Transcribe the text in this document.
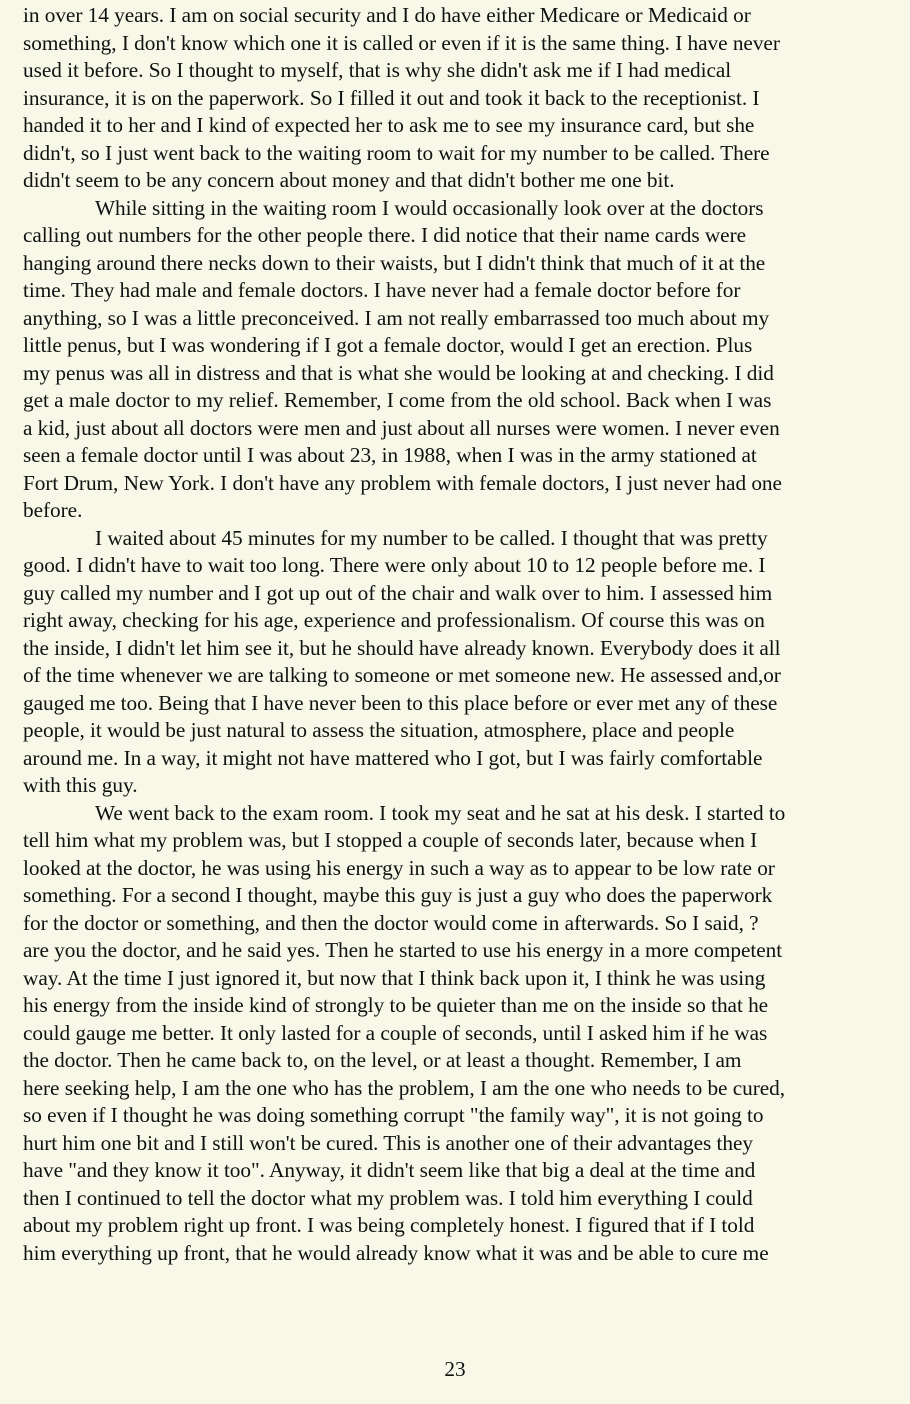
in over 14 years. I am on social security and I do have either Medicare or Medicaid or
something, I don't know which one it is called or even if it is the same thing. I have never
used it before. So I thought to myself, that is why she didn't ask me if I had medical
insurance, it is on the paperwork. So I filled it out and took it back to the receptionist. I
handed it to her and I kind of expected her to ask me to see my insurance card, but she
didn't, so I just went back to the waiting room to wait for my number to be called. There
didn't seem to be any concern about money and that didn't bother me one bit.
While sitting in the waiting room I would occasionally look over at the doctors
calling out numbers for the other people there. I did notice that their name cards were
hanging around there necks down to their waists, but I didn't think that much of it at the
time. They had male and female doctors. I have never had a female doctor before for
anything, so I was a little preconceived. I am not really embarrassed too much about my
little penus, but I was wondering if I got a female doctor, would I get an erection. Plus
my penus was all in distress and that is what she would be looking at and checking. I did
get a male doctor to my relief. Remember, I come from the old school. Back when I was
a kid, just about all doctors were men and just about all nurses were women. I never even
seen a female doctor until I was about 23, in 1988, when I was in the army stationed at
Fort Drum, New York. I don't have any problem with female doctors, I just never had one
before.
I waited about 45 minutes for my number to be called. I thought that was pretty
good. I didn't have to wait too long. There were only about 10 to 12 people before me. I
guy called my number and I got up out of the chair and walk over to him. I assessed him
right away, checking for his age, experience and professionalism. Of course this was on
the inside, I didn't let him see it, but he should have already known. Everybody does it all
of the time whenever we are talking to someone or met someone new. He assessed and,or
gauged me too. Being that I have never been to this place before or ever met any of these
people, it would be just natural to assess the situation, atmosphere, place and people
around me. In a way, it might not have mattered who I got, but I was fairly comfortable
with this guy.
We went back to the exam room. I took my seat and he sat at his desk. I started to
tell him what my problem was, but I stopped a couple of seconds later, because when I
looked at the doctor, he was using his energy in such a way as to appear to be low rate or
something. For a second I thought, maybe this guy is just a guy who does the paperwork
for the doctor or something, and then the doctor would come in afterwards. So I said, ?
are you the doctor, and he said yes. Then he started to use his energy in a more competent
way. At the time I just ignored it, but now that I think back upon it, I think he was using
his energy from the inside kind of strongly to be quieter than me on the inside so that he
could gauge me better. It only lasted for a couple of seconds, until I asked him if he was
the doctor. Then he came back to, on the level, or at least a thought. Remember, I am
here seeking help, I am the one who has the problem, I am the one who needs to be cured,
so even if I thought he was doing something corrupt "the family way", it is not going to
hurt him one bit and I still won't be cured. This is another one of their advantages they
have "and they know it too". Anyway, it didn't seem like that big a deal at the time and
then I continued to tell the doctor what my problem was. I told him everything I could
about my problem right up front. I was being completely honest. I figured that if I told
him everything up front, that he would already know what it was and be able to cure me
23
